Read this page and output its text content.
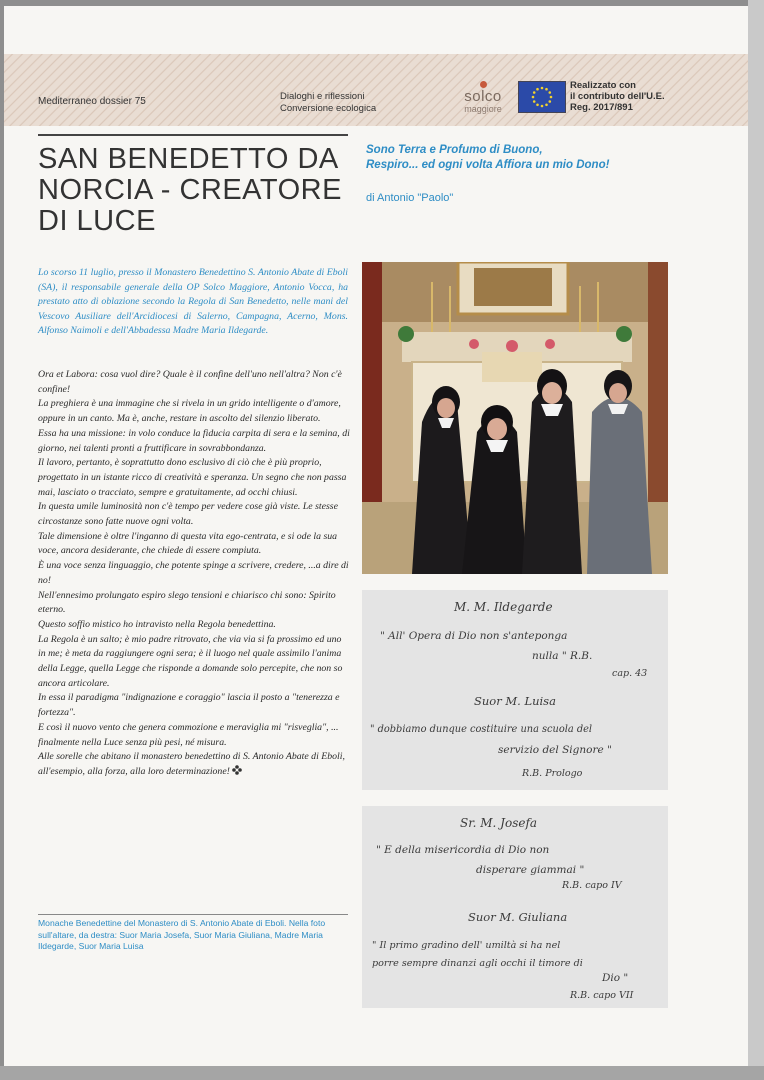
Mediterraneo dossier 75	Dialoghi e riflessioni
Conversione ecologica
solco
maggiore
Realizzato con
il contributo dell'U.E.
Reg. 2017/891
SAN BENEDETTO DA NORCIA - CREATORE DI LUCE
Sono Terra e Profumo di Buono,
Respiro... ed ogni volta Affiora un mio Dono!
di Antonio "Paolo"
Lo scorso 11 luglio, presso il Monastero Benedettino S. Antonio Abate di Eboli (SA), il responsabile generale della OP Solco Maggiore, Antonio Vocca, ha prestato atto di oblazione secondo la Regola di San Benedetto, nelle mani del Vescovo Ausiliare dell'Arcidiocesi di Salerno, Campagna, Acerno, Mons. Alfonso Naimoli e dell'Abbadessa Madre Maria Ildegarde.

Ora et Labora: cosa vuol dire? Quale è il confine dell'uno nell'altra? Non c'è confine!

La preghiera è una immagine che si rivela in un grido intelligente o d'amore, oppure in un canto. Ma è, anche, restare in ascolto del silenzio liberato.

Essa ha una missione: in volo conduce la fiducia carpita di sera e la semina, di giorno, nei talenti pronti a fruttificare in sovrabbondanza.

Il lavoro, pertanto, è soprattutto dono esclusivo di ciò che è più proprio, progettato in un istante ricco di creatività e speranza. Un segno che non passa mai, lasciato o tracciato, sempre e gratuitamente, ad occhi chiusi.

In questa umile luminosità non c'è tempo per vedere cose già viste. Le stesse circostanze sono fatte nuove ogni volta.

Tale dimensione è oltre l'inganno di questa vita ego-centrata, e si ode la sua voce, ancora desiderante, che chiede di essere compiuta.

È una voce senza linguaggio, che potente spinge a scrivere, credere, ...a dire di no!

Nell'ennesimo prolungato espiro slego tensioni e chiarisco chi sono: Spirito eterno.

Questo soffio mistico ho intravisto nella Regola benedettina.

La Regola è un salto; è mio padre ritrovato, che via via si fa prossimo ed uno in me; è meta da raggiungere ogni sera; è il luogo nel quale assimilo l'anima della Legge, quella Legge che risponde a domande solo percepite, che non so ancora articolare.

In essa il paradigma "indignazione e coraggio" lascia il posto a "tenerezza e fortezza".

E così il nuovo vento che genera commozione e meraviglia mi "risveglia", ... finalmente nella Luce senza più pesi, né misura.

Alle sorelle che abitano il monastero benedettino di S. Antonio Abate di Eboli, all'esempio, alla forza, alla loro determinazione!

Monache Benedettine del Monastero di S. Antonio Abate di Eboli. Nella foto sull'altare, da destra: Suor Maria Josefa, Suor Maria Giuliana, Madre Maria Ildegarde, Suor Maria Luisa
M. M. Ildegarde
" All' Opera di Dio non s'anteponga
nulla " R.B.
cap. 43
Suor M. Luisa
" dobbiamo dunque costituire una scuola del
servizio del Signore "
R.B. Prologo
Sr. M. Josefa
" E della misericordia di Dio non
disperare giammai "
R.B. capo IV
Suor M. Giuliana
" Il primo gradino dell' umiltà si ha nel
porre sempre dinanzi agli occhi il timore di
Dio "
R.B. capo VII
